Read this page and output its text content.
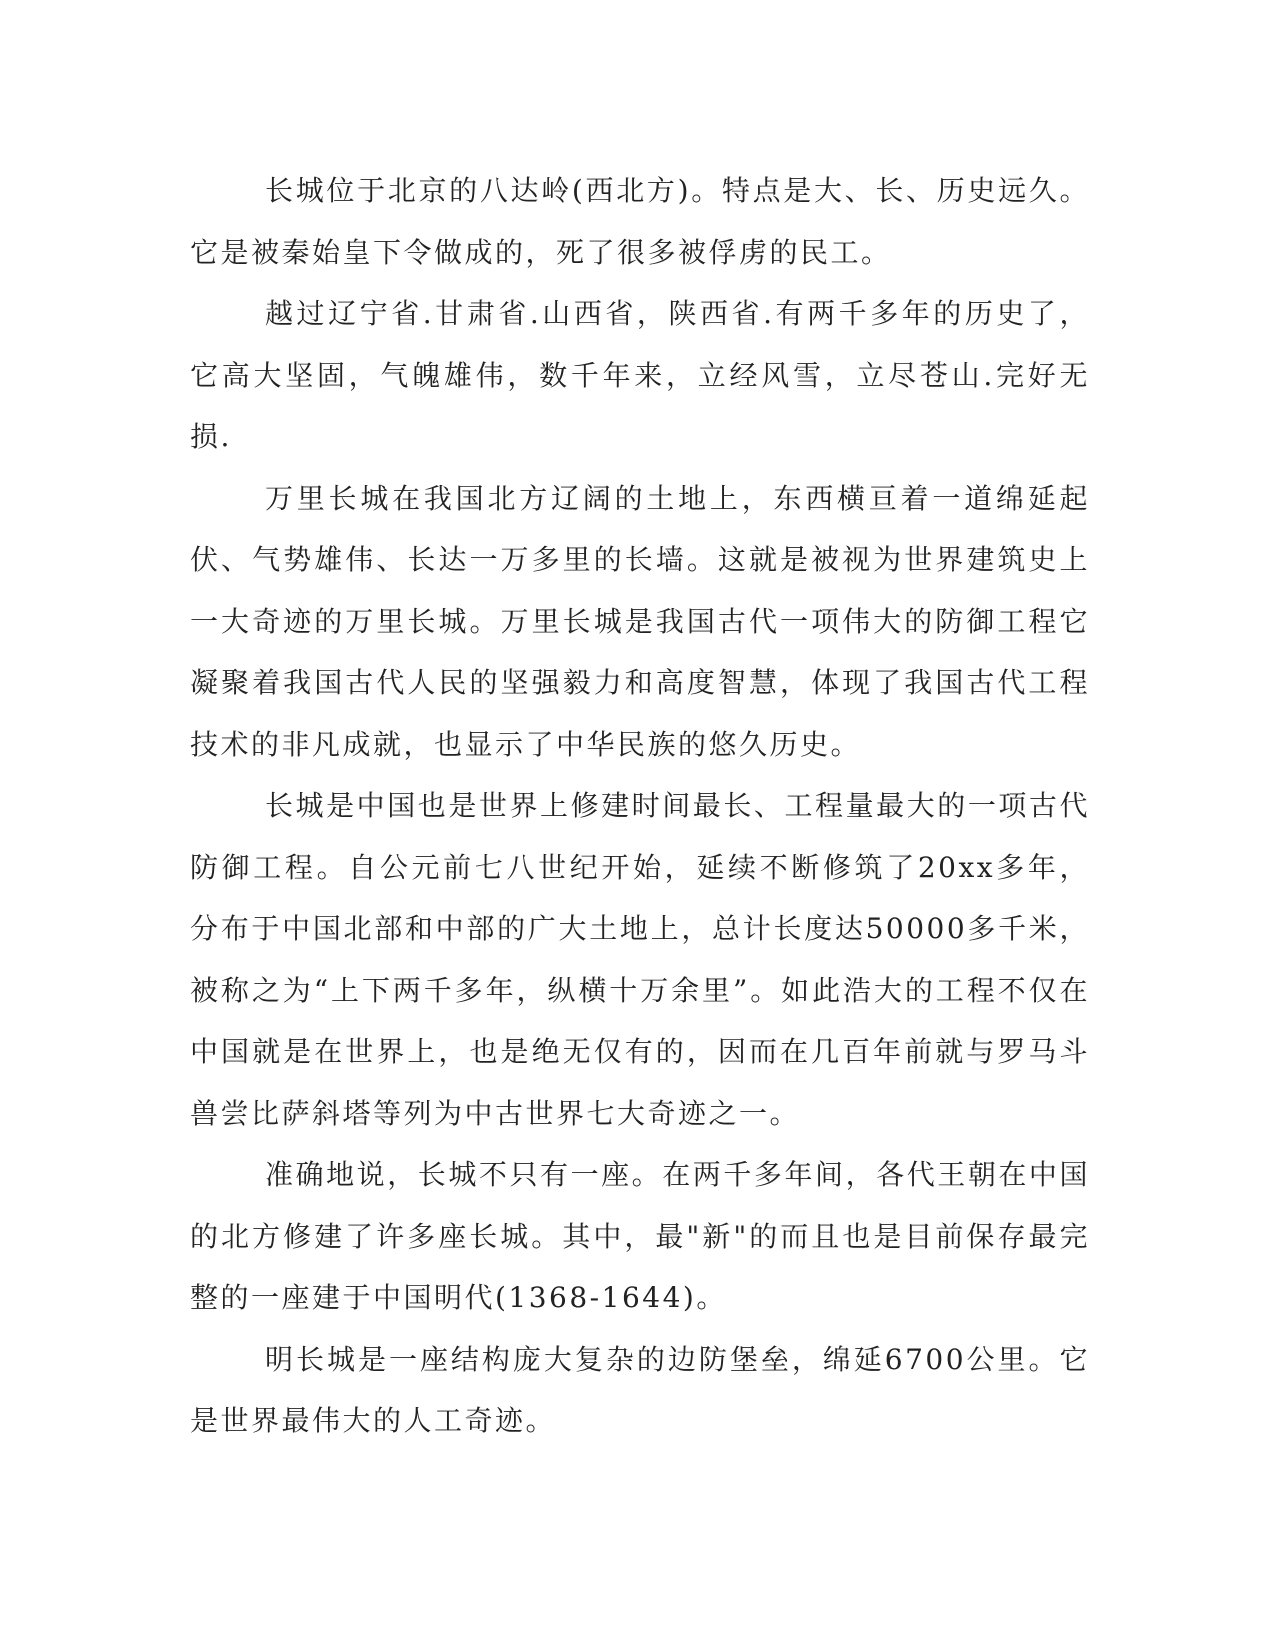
长城位于北京的八达岭(西北方)。特点是大、长、历史远久。它是被秦始皇下令做成的，死了很多被俘虏的民工。

越过辽宁省.甘肃省.山西省，陕西省.有两千多年的历史了，它高大坚固，气魄雄伟，数千年来，立经风雪，立尽苍山.完好无损.

万里长城在我国北方辽阔的土地上，东西横亘着一道绵延起伏、气势雄伟、长达一万多里的长墙。这就是被视为世界建筑史上一大奇迹的万里长城。万里长城是我国古代一项伟大的防御工程它凝聚着我国古代人民的坚强毅力和高度智慧，体现了我国古代工程技术的非凡成就，也显示了中华民族的悠久历史。

长城是中国也是世界上修建时间最长、工程量最大的一项古代防御工程。自公元前七八世纪开始，延续不断修筑了20xx多年，分布于中国北部和中部的广大土地上，总计长度达50000多千米，被称之为“上下两千多年，纵横十万余里”。如此浩大的工程不仅在中国就是在世界上，也是绝无仅有的，因而在几百年前就与罗马斗兽尝比萨斜塔等列为中古世界七大奇迹之一。

准确地说，长城不只有一座。在两千多年间，各代王朝在中国的北方修建了许多座长城。其中，最"新"的而且也是目前保存最完整的一座建于中国明代(1368-1644)。

明长城是一座结构庞大复杂的边防堡垒，绵延6700公里。它是世界最伟大的人工奇迹。
